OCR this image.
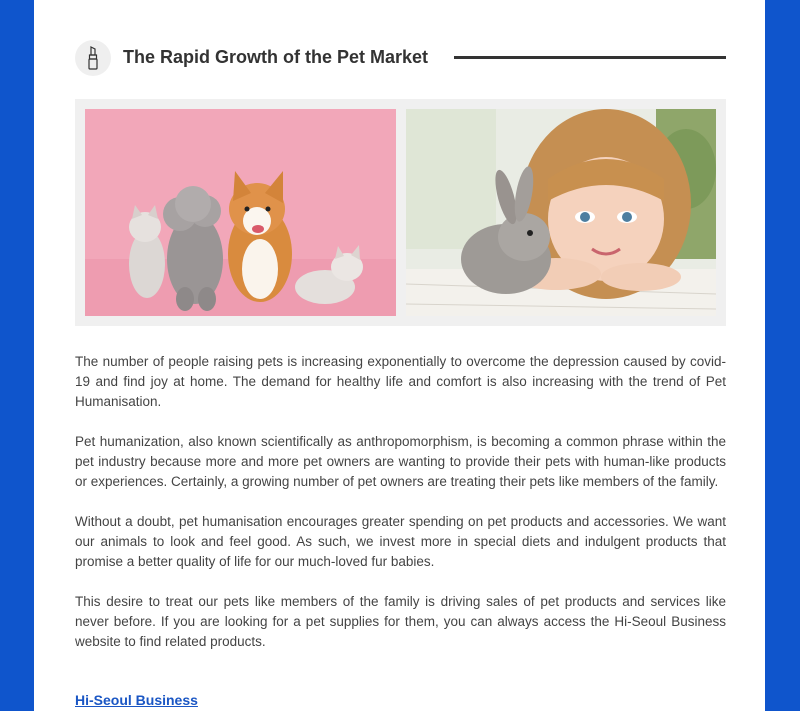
The Rapid Growth of the Pet Market

The number of people raising pets is increasing exponentially to overcome the depression caused by covid-19 and find joy at home. The demand for healthy life and comfort is also increasing with the trend of Pet Humanisation.

Pet humanization, also known scientifically as anthropomorphism, is becoming a common phrase within the pet industry because more and more pet owners are wanting to provide their pets with human-like products or experiences. Certainly, a growing number of pet owners are treating their pets like members of the family.

Without a doubt, pet humanisation encourages greater spending on pet products and accessories. We want our animals to look and feel good. As such, we invest more in special diets and indulgent products that promise a better quality of life for our much-loved fur babies.

This desire to treat our pets like members of the family is driving sales of pet products and services like never before. If you are looking for a pet supplies for them, you can always access the Hi-Seoul Business website to find related products.

Hi-Seoul Business
